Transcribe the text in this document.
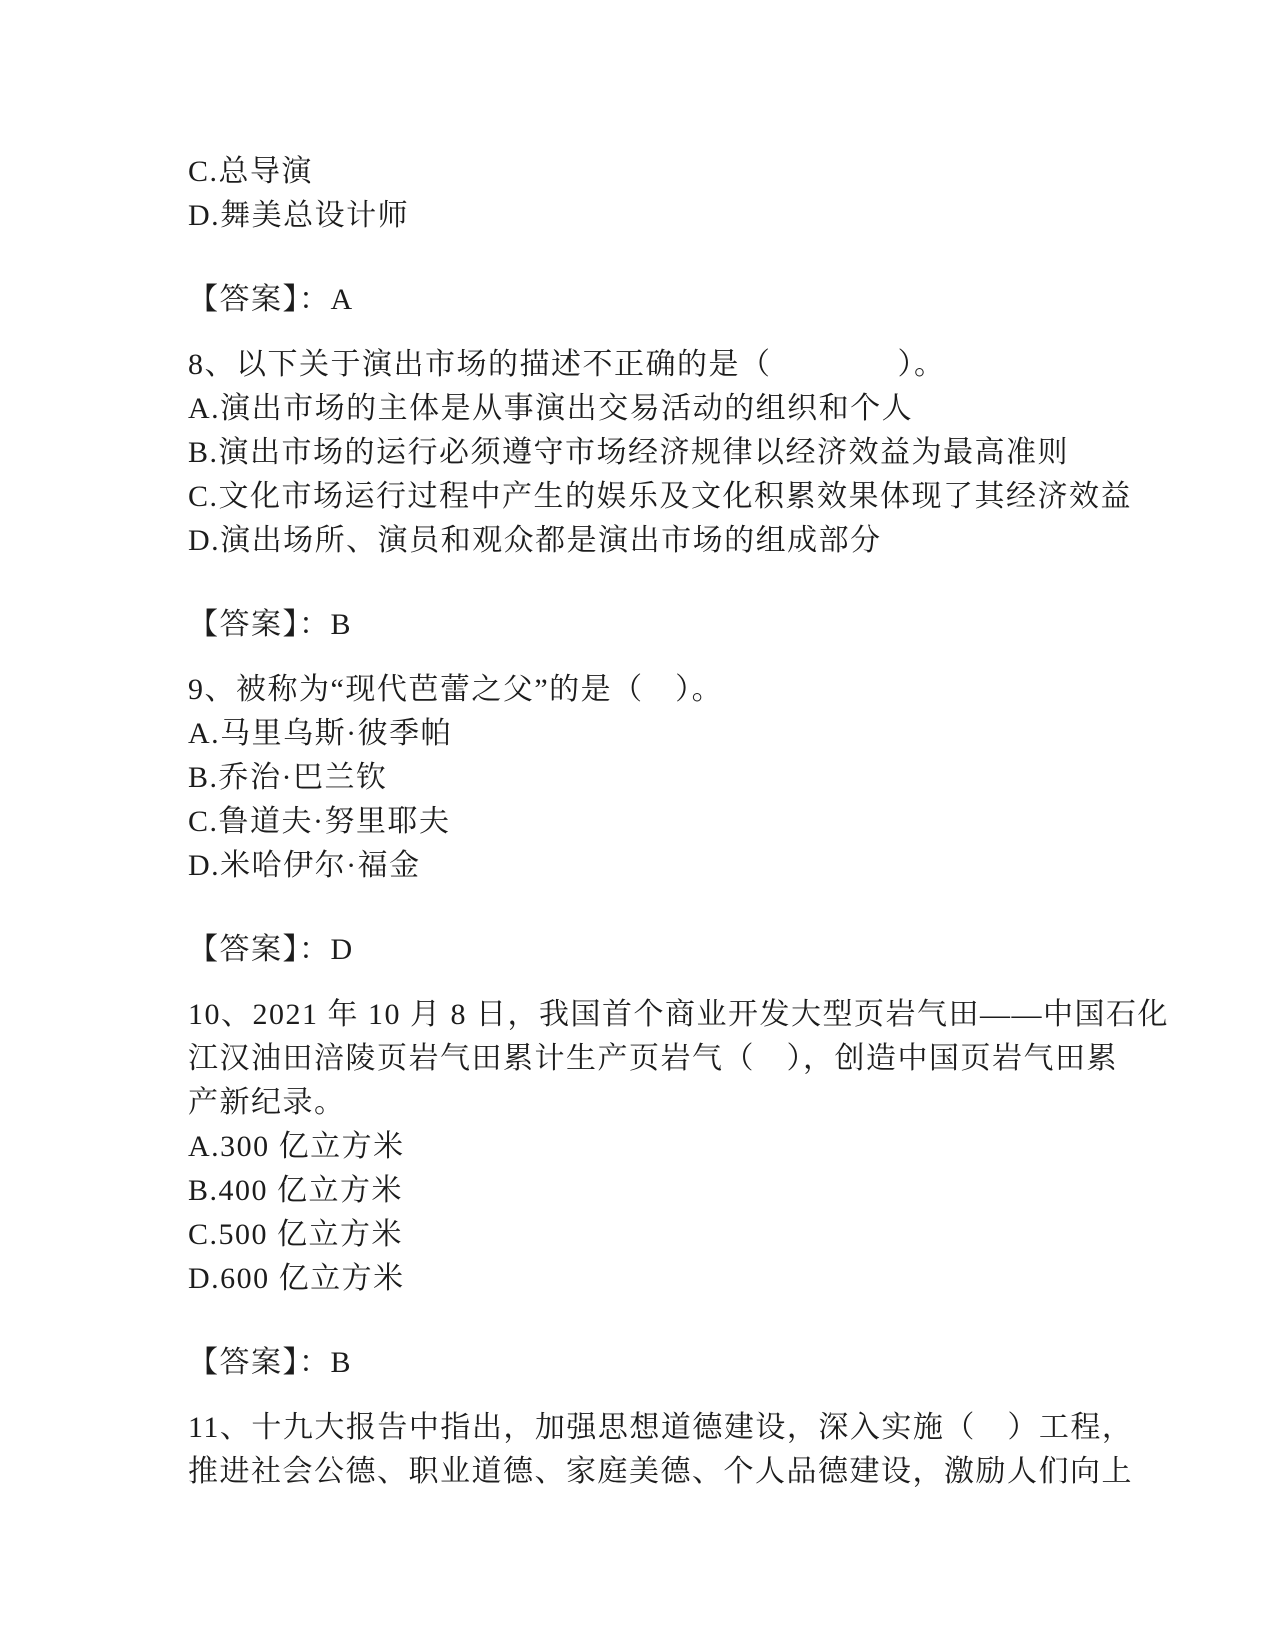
C.总导演
D.舞美总设计师
【答案】：A
8、以下关于演出市场的描述不正确的是（　　　　）。
A.演出市场的主体是从事演出交易活动的组织和个人
B.演出市场的运行必须遵守市场经济规律以经济效益为最高准则
C.文化市场运行过程中产生的娱乐及文化积累效果体现了其经济效益
D.演出场所、演员和观众都是演出市场的组成部分
【答案】：B
9、被称为“现代芭蕾之父”的是（　）。
A.马里乌斯·彼季帕
B.乔治·巴兰钦
C.鲁道夫·努里耶夫
D.米哈伊尔·福金
【答案】：D
10、2021 年 10 月 8 日，我国首个商业开发大型页岩气田——中国石化
江汉油田涪陵页岩气田累计生产页岩气（　），创造中国页岩气田累
产新纪录。
A.300 亿立方米
B.400 亿立方米
C.500 亿立方米
D.600 亿立方米
【答案】：B
11、十九大报告中指出，加强思想道德建设，深入实施（　）工程，
推进社会公德、职业道德、家庭美德、个人品德建设，激励人们向上
